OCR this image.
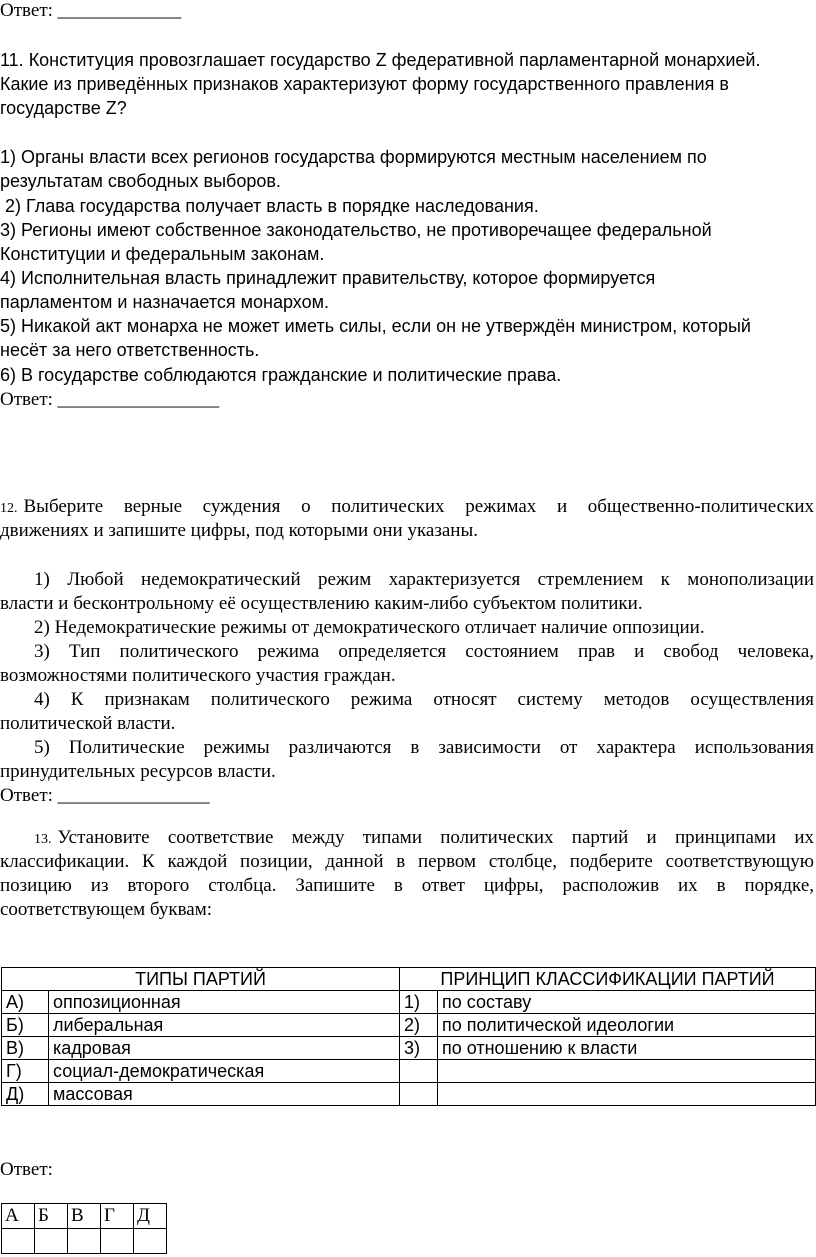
Ответ: _____________
11. Конституция провозглашает государство Z федеративной парламентарной монархией.
Какие из приведённых признаков характеризуют форму государственного правления в
государстве Z?
1) Органы власти всех регионов государства формируются местным населением по
результатам свободных выборов.
2) Глава государства получает власть в порядке наследования.
3) Регионы имеют собственное законодательство, не противоречащее федеральной
Конституции и федеральным законам.
4) Исполнительная власть принадлежит правительству, которое формируется
парламентом и назначается монархом.
5) Никакой акт монарха не может иметь силы, если он не утверждён министром, который
несёт за него ответственность.
6) В государстве соблюдаются гражданские и политические права.
Ответ: _________________
12. Выберите верные суждения о политических режимах и общественно-политических
движениях и запишите цифры, под которыми они указаны.
1) Любой недемократический режим характеризуется стремлением к монополизации
власти и бесконтрольному её осуществлению каким-либо субъектом политики.
2) Недемократические режимы от демократического отличает наличие оппозиции.
3) Тип политического режима определяется состоянием прав и свобод человека,
возможностями политического участия граждан.
4) К признакам политического режима относят систему методов осуществления
политической власти.
5) Политические режимы различаются в зависимости от характера использования
принудительных ресурсов власти.
Ответ: ________________
13. Установите соответствие между типами политических партий и принципами их
классификации. К каждой позиции, данной в первом столбце, подберите соответствующую
позицию из второго столбца. Запишите в ответ цифры, расположив их в порядке,
соответствующем буквам:
ТИПЫ ПАРТИЙ		ПРИНЦИП КЛАССИФИКАЦИИ ПАРТИЙ	
А)	оппозиционная	1)	по составу
Б)	либеральная	2)	по политической идеологии
В)	кадровая	3)	по отношению к власти
Г)	социал-демократическая		
Д)	массовая		
Ответ:
А	Б	В	Г	Д
